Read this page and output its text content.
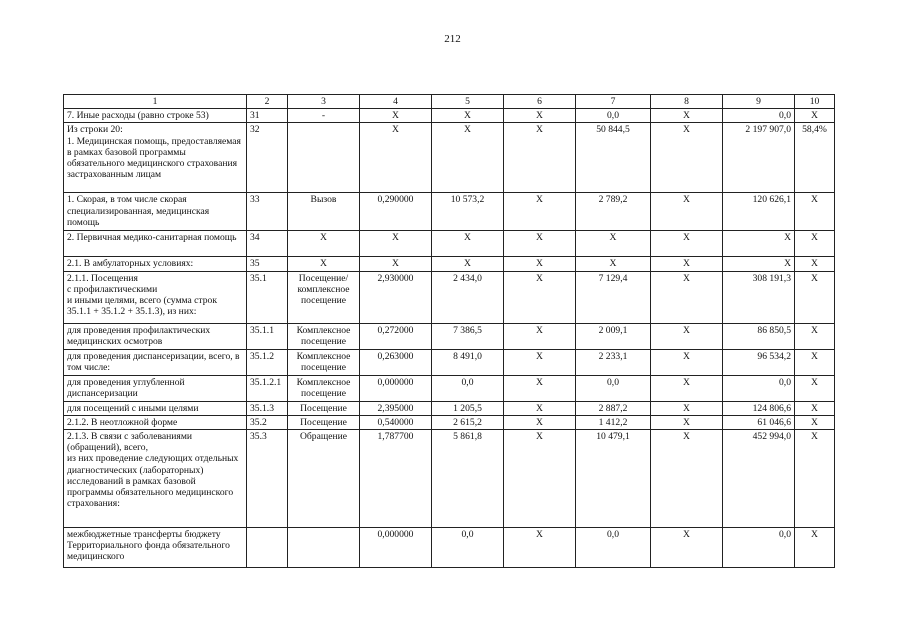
212
1	2	3	4	5	6	7	8	9	10
7. Иные расходы (равно строке 53)	31	-	X	X	X	0,0	X	0,0	X
Из строки 20:
1. Медицинская помощь, предоставляемая в рамках базовой программы обязательного медицинского страхования застрахованным лицам	32		X	X	X	50 844,5	X	2 197 907,0	58,4%
1. Скорая, в том числе скорая специализированная, медицинская помощь	33	Вызов	0,290000	10 573,2	X	2 789,2	X	120 626,1	X
2. Первичная медико-санитарная помощь	34	X	X	X	X	X	X	X	X
2.1. В амбулаторных условиях:	35	X	X	X	X	X	X	X	X
2.1.1. Посещения
с профилактическими
и иными целями, всего (сумма строк 35.1.1 + 35.1.2 + 35.1.3), из них:	35.1	Посещение/ комплексное посещение	2,930000	2 434,0	X	7 129,4	X	308 191,3	X
для проведения профилактических медицинских осмотров	35.1.1	Комплексное посещение	0,272000	7 386,5	X	2 009,1	X	86 850,5	X
для проведения диспансеризации, всего, в том числе:	35.1.2	Комплексное посещение	0,263000	8 491,0	X	2 233,1	X	96 534,2	X
для проведения углубленной диспансеризации	35.1.2.1	Комплексное посещение	0,000000	0,0	X	0,0	X	0,0	X
для посещений с иными целями	35.1.3	Посещение	2,395000	1 205,5	X	2 887,2	X	124 806,6	X
2.1.2. В неотложной форме	35.2	Посещение	0,540000	2 615,2	X	1 412,2	X	61 046,6	X
2.1.3. В связи с заболеваниями (обращений), всего,
из них проведение следующих отдельных диагностических (лабораторных) исследований в рамках базовой программы обязательного медицинского страхования:	35.3	Обращение	1,787700	5 861,8	X	10 479,1	X	452 994,0	X
межбюджетные трансферты бюджету Территориального фонда обязательного медицинского			0,000000	0,0	X	0,0	X	0,0	X
